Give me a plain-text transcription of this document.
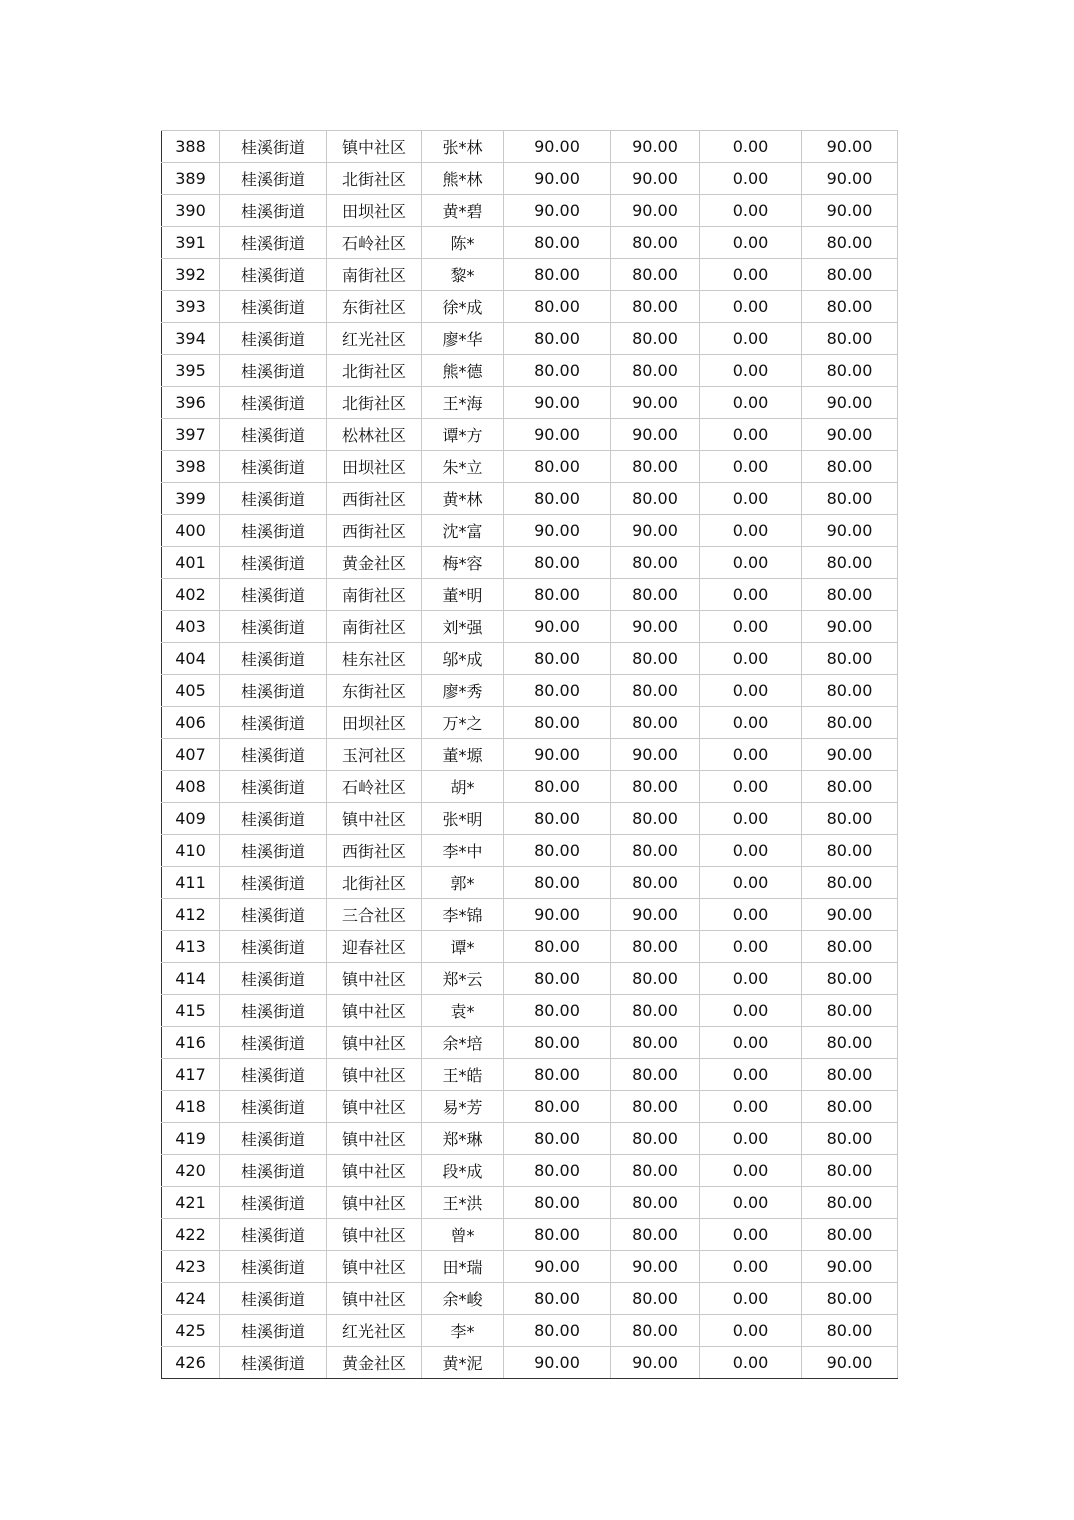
388	桂溪街道	镇中社区	张*林	90.00	90.00	0.00	90.00
389	桂溪街道	北街社区	熊*林	90.00	90.00	0.00	90.00
390	桂溪街道	田坝社区	黄*碧	90.00	90.00	0.00	90.00
391	桂溪街道	石岭社区	陈*	80.00	80.00	0.00	80.00
392	桂溪街道	南街社区	黎*	80.00	80.00	0.00	80.00
393	桂溪街道	东街社区	徐*成	80.00	80.00	0.00	80.00
394	桂溪街道	红光社区	廖*华	80.00	80.00	0.00	80.00
395	桂溪街道	北街社区	熊*德	80.00	80.00	0.00	80.00
396	桂溪街道	北街社区	王*海	90.00	90.00	0.00	90.00
397	桂溪街道	松林社区	谭*方	90.00	90.00	0.00	90.00
398	桂溪街道	田坝社区	朱*立	80.00	80.00	0.00	80.00
399	桂溪街道	西街社区	黄*林	80.00	80.00	0.00	80.00
400	桂溪街道	西街社区	沈*富	90.00	90.00	0.00	90.00
401	桂溪街道	黄金社区	梅*容	80.00	80.00	0.00	80.00
402	桂溪街道	南街社区	董*明	80.00	80.00	0.00	80.00
403	桂溪街道	南街社区	刘*强	90.00	90.00	0.00	90.00
404	桂溪街道	桂东社区	邬*成	80.00	80.00	0.00	80.00
405	桂溪街道	东街社区	廖*秀	80.00	80.00	0.00	80.00
406	桂溪街道	田坝社区	万*之	80.00	80.00	0.00	80.00
407	桂溪街道	玉河社区	董*塬	90.00	90.00	0.00	90.00
408	桂溪街道	石岭社区	胡*	80.00	80.00	0.00	80.00
409	桂溪街道	镇中社区	张*明	80.00	80.00	0.00	80.00
410	桂溪街道	西街社区	李*中	80.00	80.00	0.00	80.00
411	桂溪街道	北街社区	郭*	80.00	80.00	0.00	80.00
412	桂溪街道	三合社区	李*锦	90.00	90.00	0.00	90.00
413	桂溪街道	迎春社区	谭*	80.00	80.00	0.00	80.00
414	桂溪街道	镇中社区	郑*云	80.00	80.00	0.00	80.00
415	桂溪街道	镇中社区	袁*	80.00	80.00	0.00	80.00
416	桂溪街道	镇中社区	余*培	80.00	80.00	0.00	80.00
417	桂溪街道	镇中社区	王*皓	80.00	80.00	0.00	80.00
418	桂溪街道	镇中社区	易*芳	80.00	80.00	0.00	80.00
419	桂溪街道	镇中社区	郑*琳	80.00	80.00	0.00	80.00
420	桂溪街道	镇中社区	段*成	80.00	80.00	0.00	80.00
421	桂溪街道	镇中社区	王*洪	80.00	80.00	0.00	80.00
422	桂溪街道	镇中社区	曾*	80.00	80.00	0.00	80.00
423	桂溪街道	镇中社区	田*瑞	90.00	90.00	0.00	90.00
424	桂溪街道	镇中社区	余*峻	80.00	80.00	0.00	80.00
425	桂溪街道	红光社区	李*	80.00	80.00	0.00	80.00
426	桂溪街道	黄金社区	黄*泥	90.00	90.00	0.00	90.00
